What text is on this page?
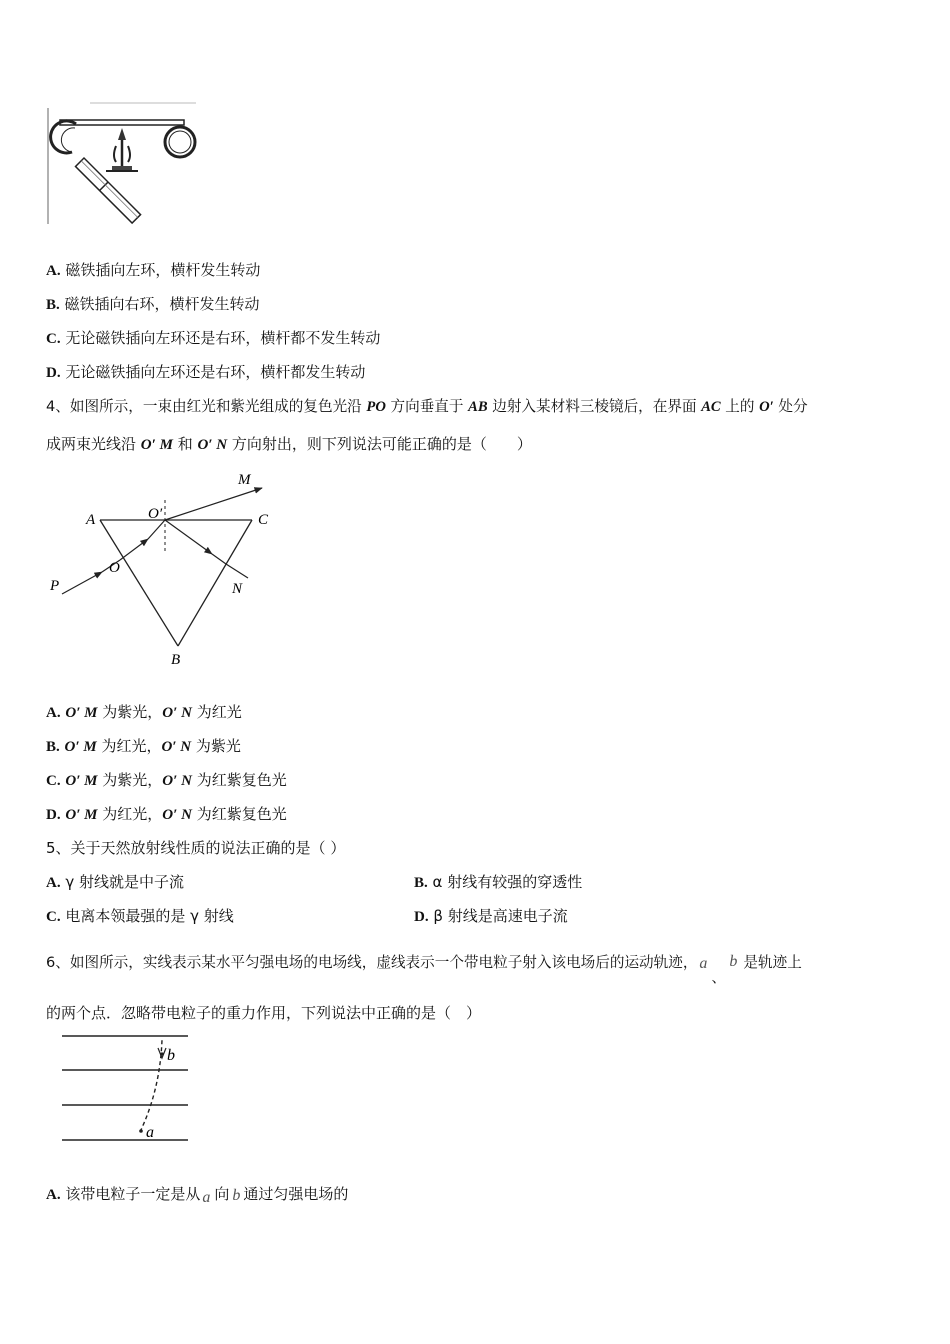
A. 磁铁插向左环，横杆发生转动
B. 磁铁插向右环，横杆发生转动
C. 无论磁铁插向左环还是右环，横杆都不发生转动
D. 无论磁铁插向左环还是右环，横杆都发生转动
4、如图所示，一束由红光和紫光组成的复色光沿 PO 方向垂直于 AB 边射入某材料三棱镜后，在界面 AC 上的 O′ 处分
成两束光线沿 O′ M 和 O′ N 方向射出，则下列说法可能正确的是（　　）
M
A	O′	C
O
P	N
B
A. O′ M 为紫光，O′ N 为红光
B. O′ M 为红光，O′ N 为紫光
C. O′ M 为紫光，O′ N 为红紫复色光
D. O′ M 为红光，O′ N 为红紫复色光
5、关于天然放射线性质的说法正确的是（ ）
A. γ 射线就是中子流	B. α 射线有较强的穿透性
C. 电离本领最强的是 γ 射线	D. β 射线是高速电子流
6、如图所示，实线表示某水平匀强电场的电场线，虚线表示一个带电粒子射入该电场后的运动轨迹， a
、
b 是轨迹上
的两个点．忽略带电粒子的重力作用，下列说法中正确的是（　）
b
a
A. 该带电粒子一定是从 a 向 b 通过匀强电场的
